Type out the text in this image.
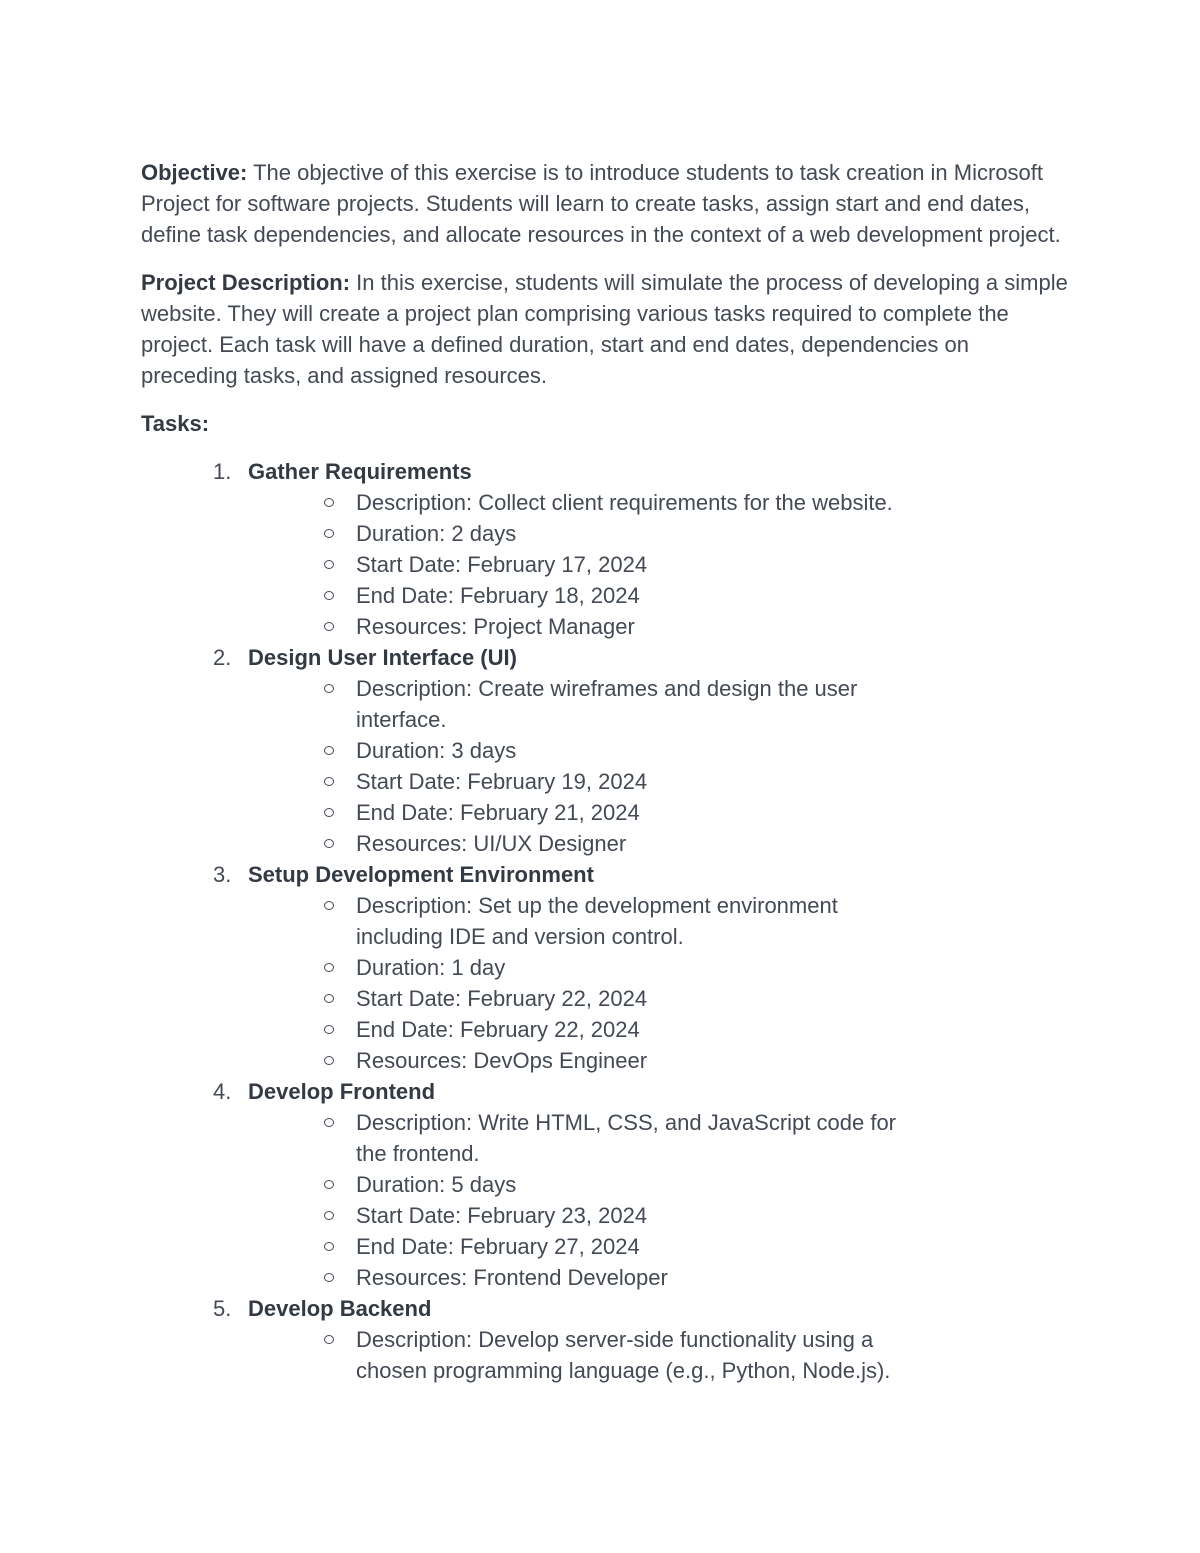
Objective: The objective of this exercise is to introduce students to task creation in Microsoft Project for software projects. Students will learn to create tasks, assign start and end dates, define task dependencies, and allocate resources in the context of a web development project.

Project Description: In this exercise, students will simulate the process of developing a simple website. They will create a project plan comprising various tasks required to complete the project. Each task will have a defined duration, start and end dates, dependencies on preceding tasks, and assigned resources.

Tasks:
1. Gather Requirements
Description: Collect client requirements for the website.
Duration: 2 days
Start Date: February 17, 2024
End Date: February 18, 2024
Resources: Project Manager
2. Design User Interface (UI)
Description: Create wireframes and design the user interface.
Duration: 3 days
Start Date: February 19, 2024
End Date: February 21, 2024
Resources: UI/UX Designer
3. Setup Development Environment
Description: Set up the development environment including IDE and version control.
Duration: 1 day
Start Date: February 22, 2024
End Date: February 22, 2024
Resources: DevOps Engineer
4. Develop Frontend
Description: Write HTML, CSS, and JavaScript code for the frontend.
Duration: 5 days
Start Date: February 23, 2024
End Date: February 27, 2024
Resources: Frontend Developer
5. Develop Backend
Description: Develop server-side functionality using a chosen programming language (e.g., Python, Node.js).
